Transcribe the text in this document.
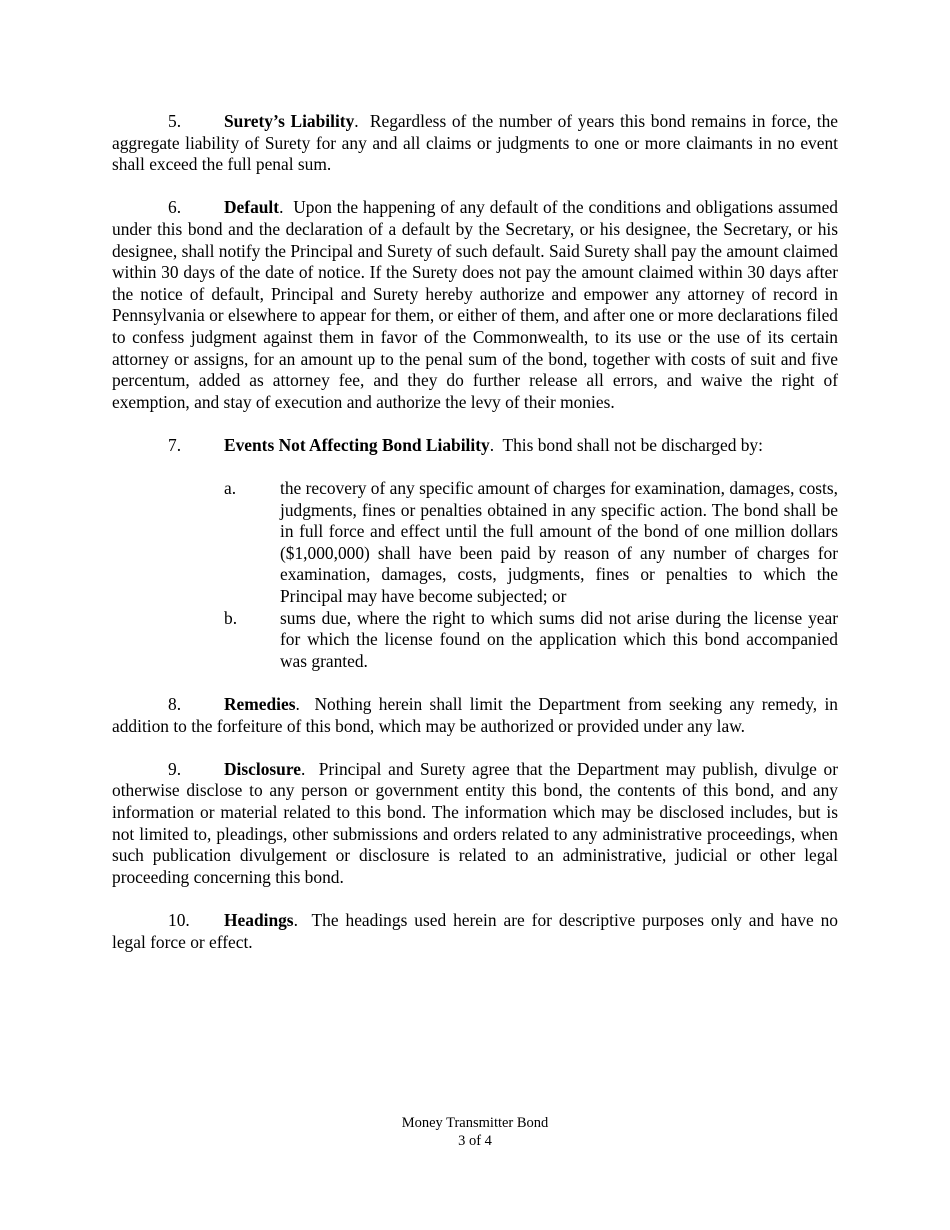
5. Surety’s Liability.  Regardless of the number of years this bond remains in force, the aggregate liability of Surety for any and all claims or judgments to one or more claimants in no event shall exceed the full penal sum.

6. Default.  Upon the happening of any default of the conditions and obligations assumed under this bond and the declaration of a default by the Secretary, or his designee, the Secretary, or his designee, shall notify the Principal and Surety of such default. Said Surety shall pay the amount claimed within 30 days of the date of notice. If the Surety does not pay the amount claimed within 30 days after the notice of default, Principal and Surety hereby authorize and empower any attorney of record in Pennsylvania or elsewhere to appear for them, or either of them, and after one or more declarations filed to confess judgment against them in favor of the Commonwealth, to its use or the use of its certain attorney or assigns, for an amount up to the penal sum of the bond, together with costs of suit and five percentum, added as attorney fee, and they do further release all errors, and waive the right of exemption, and stay of execution and authorize the levy of their monies.

7. Events Not Affecting Bond Liability.  This bond shall not be discharged by:

a.	the recovery of any specific amount of charges for examination, damages, costs, judgments, fines or penalties obtained in any specific action. The bond shall be in full force and effect until the full amount of the bond of one million dollars ($1,000,000) shall have been paid by reason of any number of charges for examination, damages, costs, judgments, fines or penalties to which the Principal may have become subjected; or
b. sums due, where the right to which sums did not arise during the license year for which the license found on the application which this bond accompanied was granted.

8. Remedies.  Nothing herein shall limit the Department from seeking any remedy, in addition to the forfeiture of this bond, which may be authorized or provided under any law.

9. Disclosure.  Principal and Surety agree that the Department may publish, divulge or otherwise disclose to any person or government entity this bond, the contents of this bond, and any information or material related to this bond. The information which may be disclosed includes, but is not limited to, pleadings, other submissions and orders related to any administrative proceedings, when such publication divulgement or disclosure is related to an administrative, judicial or other legal proceeding concerning this bond.

10. Headings.  The headings used herein are for descriptive purposes only and have no legal force or effect.

Money Transmitter Bond
3 of 4
